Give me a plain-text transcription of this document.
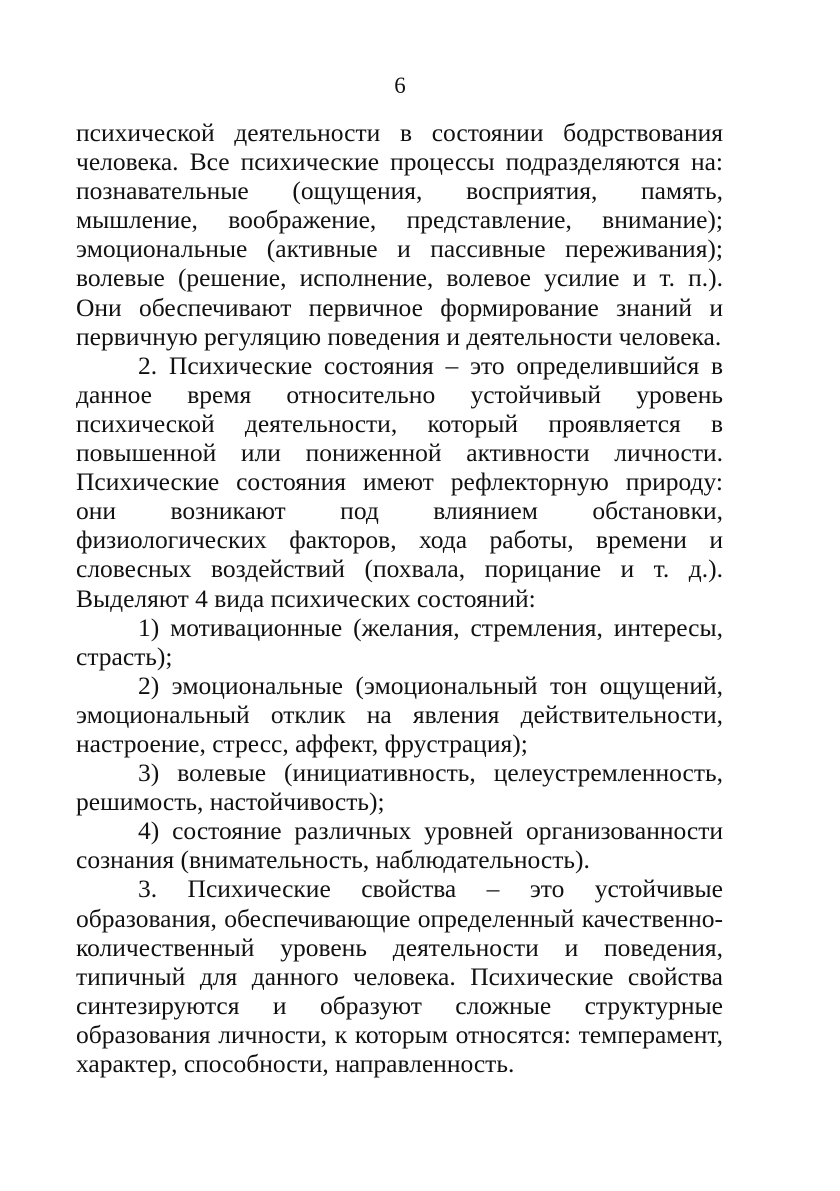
6

психической деятельности в состоянии бодрствования человека. Все психические процессы подразделяются на: познавательные (ощущения, восприятия, память, мышление, воображение, представление, внимание); эмоциональные (активные и пассивные переживания); волевые (решение, исполнение, волевое усилие и т. п.). Они обеспечивают первичное формирование знаний и первичную регуляцию поведения и деятельности человека.

2. Психические состояния – это определившийся в данное время относительно устойчивый уровень психической деятельности, который проявляется в повышенной или пониженной активности личности. Психические состояния имеют рефлекторную природу: они возникают под влиянием обстановки, физиологических факторов, хода работы, времени и словесных воздействий (похвала, порицание и т. д.). Выделяют 4 вида психических состояний:

1) мотивационные (желания, стремления, интересы, страсть);

2) эмоциональные (эмоциональный тон ощущений, эмоциональный отклик на явления действительности, настроение, стресс, аффект, фрустрация);

3) волевые (инициативность, целеустремленность, решимость, настойчивость);

4) состояние различных уровней организованности сознания (внимательность, наблюдательность).

3. Психические свойства – это устойчивые образования, обеспечивающие определенный качественно-количественный уровень деятельности и поведения, типичный для данного человека. Психические свойства синтезируются и образуют сложные структурные образования личности, к которым относятся: темперамент, характер, способности, направленность.
